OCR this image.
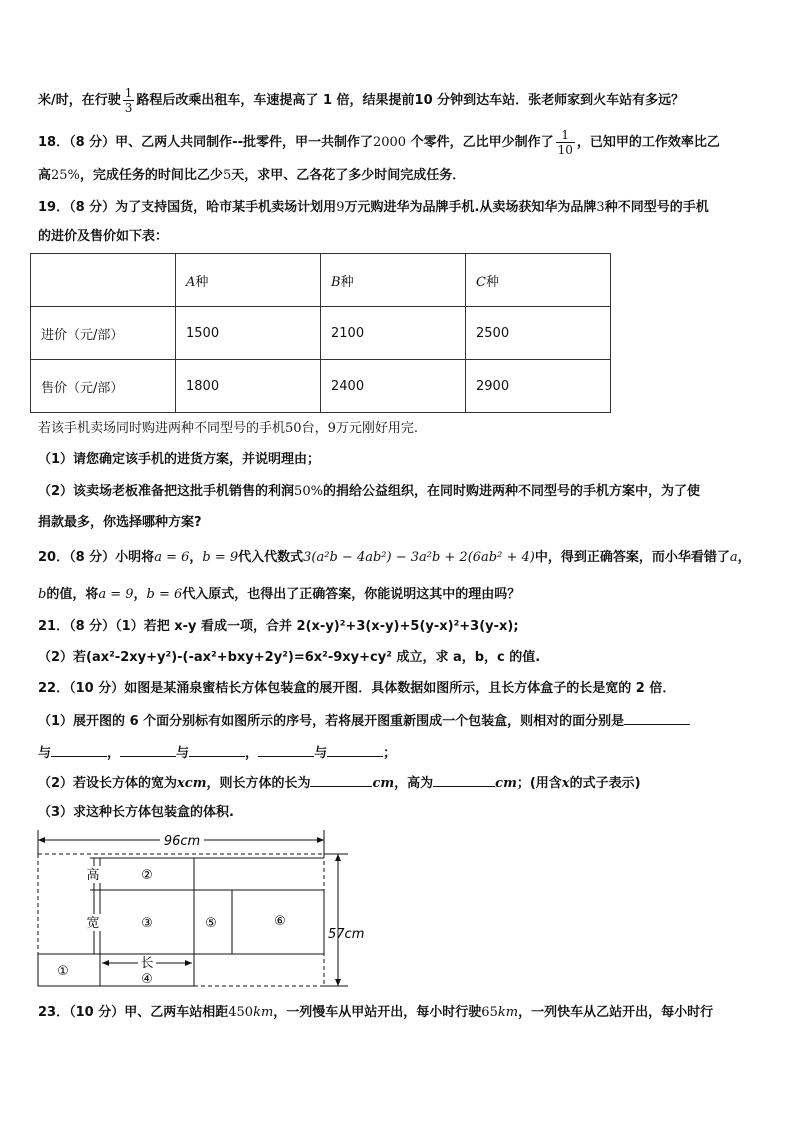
米/时，在行驶 $\frac{1}{3}$ 路程后改乘出租车，车速提高了 1 倍，结果提前10 分钟到达车站．张老师家到火车站有多远？
18．（8 分）甲、乙两人共同制作--批零件，甲一共制作了2000 个零件，乙比甲少制作了 $\frac{1}{10}$ ，已知甲的工作效率比乙
高25%，完成任务的时间比乙少5天，求甲、乙各花了多少时间完成任务．
19．（8 分）为了支持国货，哈市某手机卖场计划用9万元购进华为品牌手机.从卖场获知华为品牌3种不同型号的手机
的进价及售价如下表：
	A种	B种	C种
进价（元/部）	1500	2100	2500
售价（元/部）	1800	2400	2900
若该手机卖场同时购进两种不同型号的手机50台，9万元刚好用完.
（1）请您确定该手机的进货方案，并说明理由；
（2）该卖场老板准备把这批手机销售的利润50%的捐给公益组织，在同时购进两种不同型号的手机方案中，为了使
捐款最多，你选择哪种方案?
20．（8 分）小明将a = 6，b = 9代入代数式3(a²b − 4ab²) − 3a²b + 2(6ab² + 4)中，得到正确答案，而小华看错了a，
b的值，将a = 9，b = 6代入原式，也得出了正确答案，你能说明这其中的理由吗？
21．（8 分）（1）若把 x-y 看成一项，合并 2(x-y)²+3(x-y)+5(y-x)²+3(y-x);
（2）若(ax²-2xy+y²)-(-ax²+bxy+2y²)=6x²-9xy+cy² 成立，求 a，b，c 的值.
22．（10 分）如图是某涌泉蜜桔长方体包装盒的展开图．具体数据如图所示，且长方体盒子的长是宽的 2 倍．
（1）展开图的 6 个面分别标有如图所示的序号，若将展开图重新围成一个包装盒，则相对的面分别是
与	，	与	，	与	；
（2）若设长方体的宽为xcm，则长方体的长为	cm，高为	cm；(用含x的式子表示)
（3）求这种长方体包装盒的体积.
96cm
57cm
高
宽
长
①
②
③
④
⑤	⑥
23．（10 分）甲、乙两车站相距450km，一列慢车从甲站开出，每小时行驶65km，一列快车从乙站开出，每小时行
